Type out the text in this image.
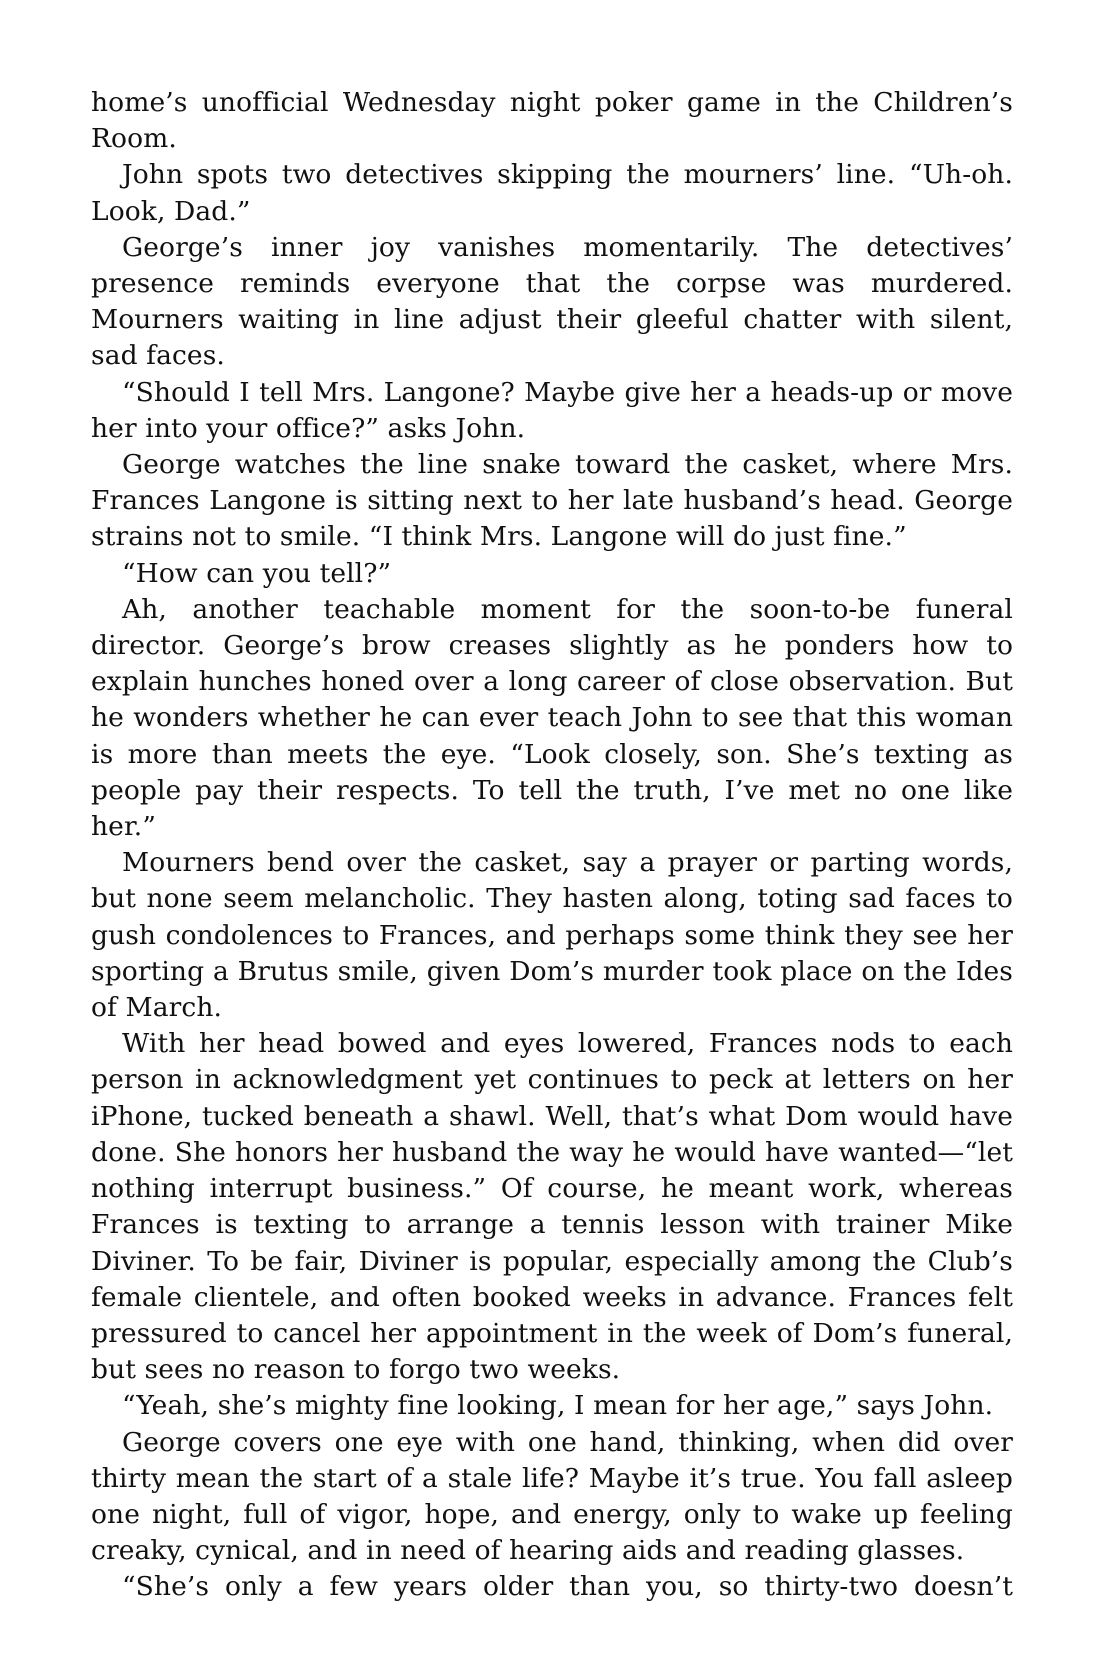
home’s unofficial Wednesday night poker game in the Children’s Room.

John spots two detectives skipping the mourners’ line. “Uh-oh. Look, Dad.”

George’s inner joy vanishes momentarily. The detectives’ presence reminds everyone that the corpse was murdered. Mourners waiting in line adjust their gleeful chatter with silent, sad faces.

“Should I tell Mrs. Langone? Maybe give her a heads-up or move her into your office?” asks John.

George watches the line snake toward the casket, where Mrs. Frances Langone is sitting next to her late husband’s head. George strains not to smile. “I think Mrs. Langone will do just fine.”

“How can you tell?”

Ah, another teachable moment for the soon-to-be funeral director. George’s brow creases slightly as he ponders how to explain hunches honed over a long career of close observation. But he wonders whether he can ever teach John to see that this woman is more than meets the eye. “Look closely, son. She’s texting as people pay their respects. To tell the truth, I’ve met no one like her.”

Mourners bend over the casket, say a prayer or parting words, but none seem melancholic. They hasten along, toting sad faces to gush condolences to Frances, and perhaps some think they see her sporting a Brutus smile, given Dom’s murder took place on the Ides of March.

With her head bowed and eyes lowered, Frances nods to each person in acknowledgment yet continues to peck at letters on her iPhone, tucked beneath a shawl. Well, that’s what Dom would have done. She honors her husband the way he would have wanted—“let nothing interrupt business.” Of course, he meant work, whereas Frances is texting to arrange a tennis lesson with trainer Mike Diviner. To be fair, Diviner is popular, especially among the Club’s female clientele, and often booked weeks in advance. Frances felt pressured to cancel her appointment in the week of Dom’s funeral, but sees no reason to forgo two weeks.

“Yeah, she’s mighty fine looking, I mean for her age,” says John.

George covers one eye with one hand, thinking, when did over thirty mean the start of a stale life? Maybe it’s true. You fall asleep one night, full of vigor, hope, and energy, only to wake up feeling creaky, cynical, and in need of hearing aids and reading glasses.

“She’s only a few years older than you, so thirty-two doesn’t
